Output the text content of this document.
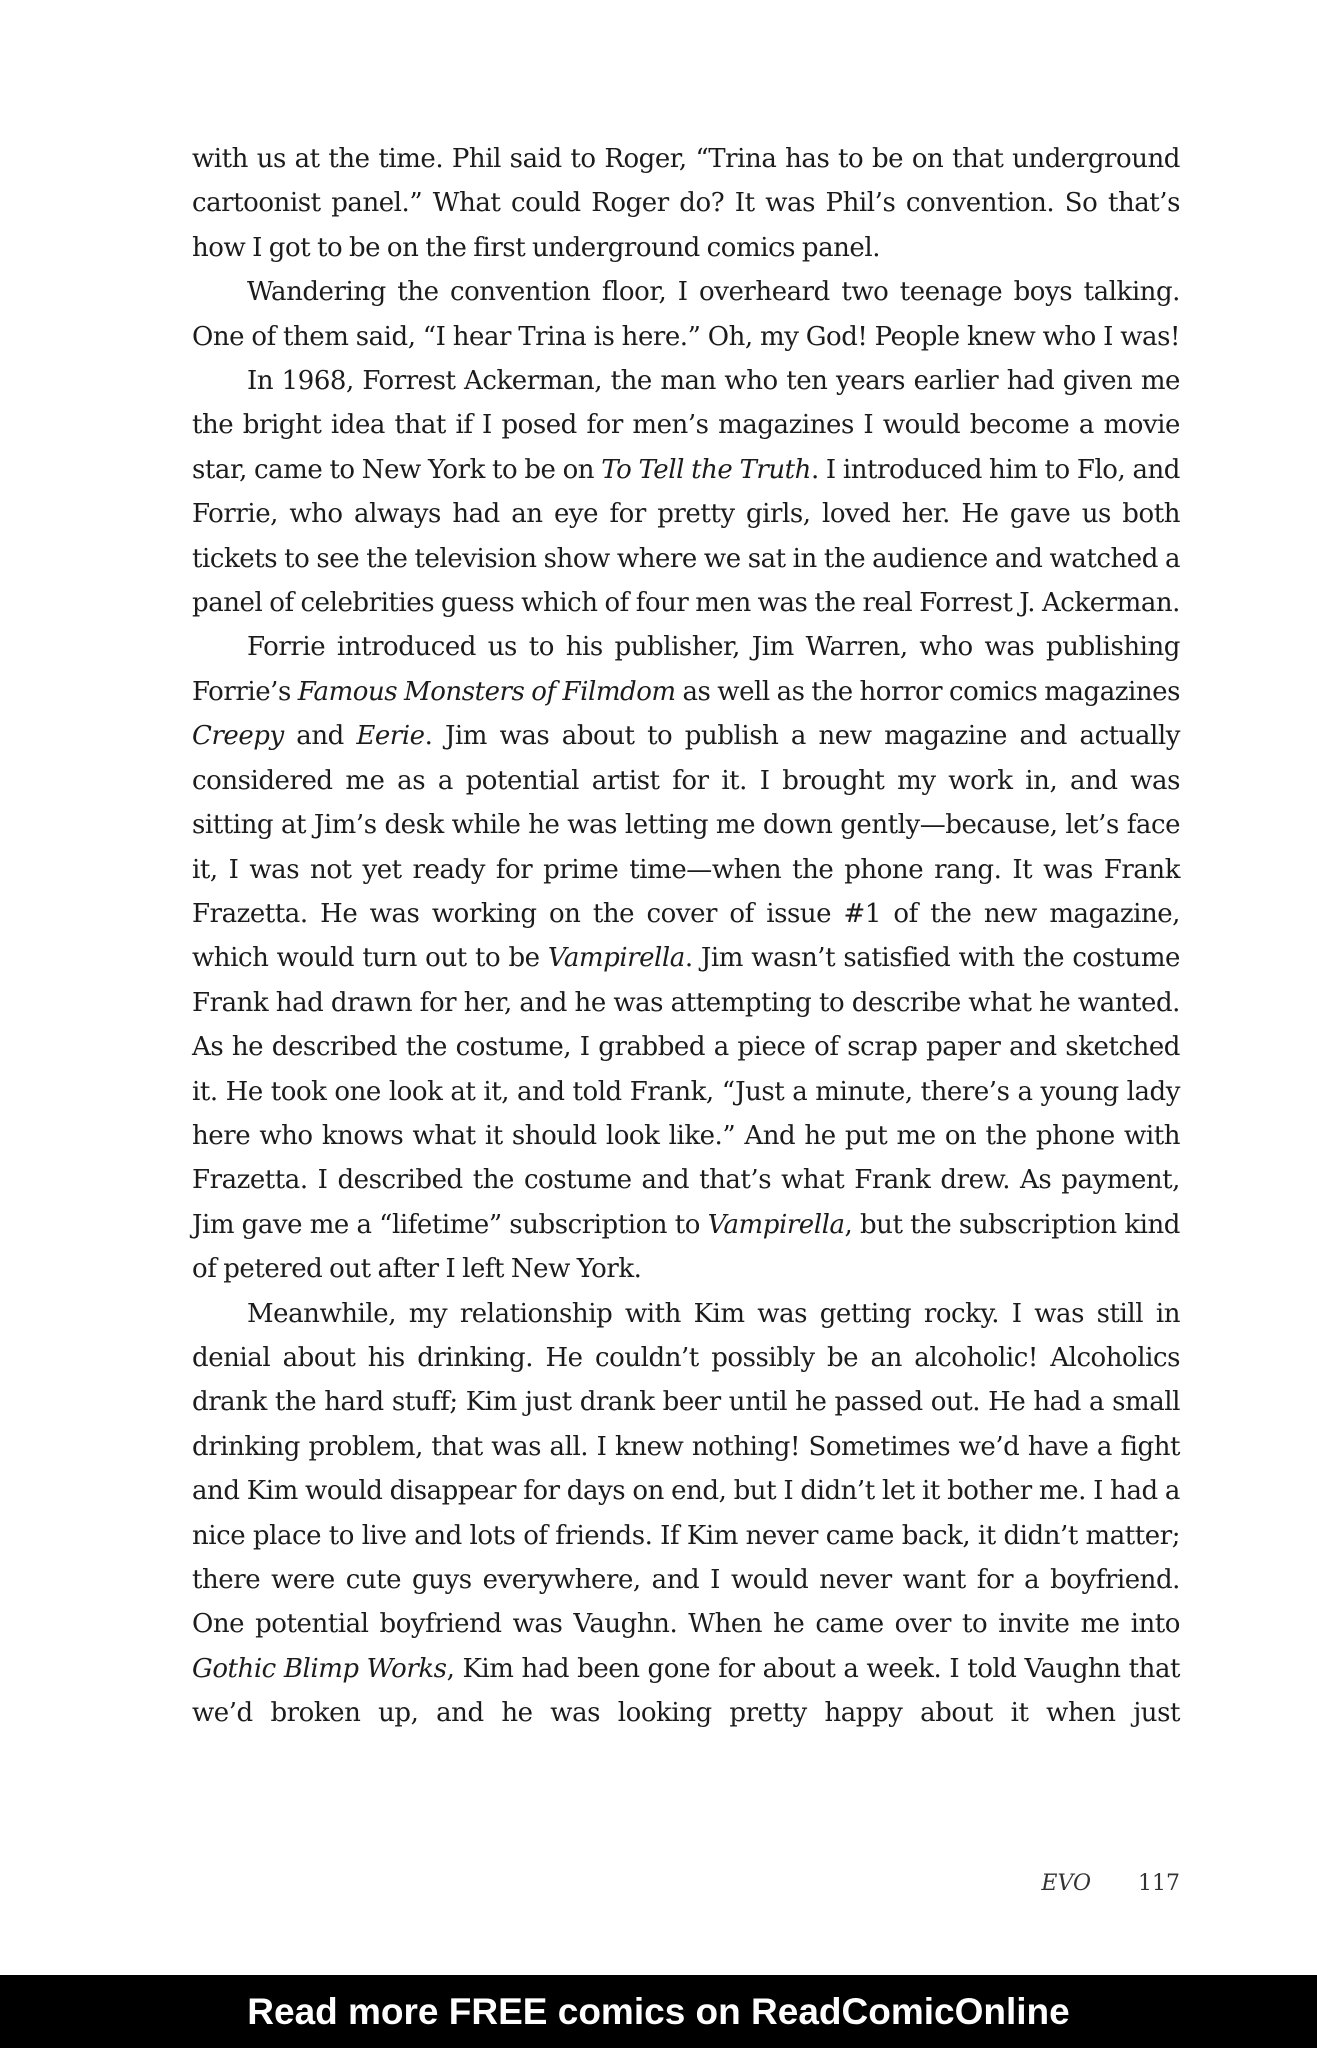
with us at the time. Phil said to Roger, “Trina has to be on that underground cartoonist panel.” What could Roger do? It was Phil’s convention. So that’s how I got to be on the first underground comics panel.

Wandering the convention floor, I overheard two teenage boys talking. One of them said, “I hear Trina is here.” Oh, my God! People knew who I was!

In 1968, Forrest Ackerman, the man who ten years earlier had given me the bright idea that if I posed for men’s magazines I would become a movie star, came to New York to be on To Tell the Truth. I introduced him to Flo, and Forrie, who always had an eye for pretty girls, loved her. He gave us both tickets to see the television show where we sat in the audience and watched a panel of celebrities guess which of four men was the real Forrest J. Ackerman.

Forrie introduced us to his publisher, Jim Warren, who was publishing Forrie’s Famous Monsters of Filmdom as well as the horror comics magazines Creepy and Eerie. Jim was about to publish a new magazine and actually considered me as a potential artist for it. I brought my work in, and was sitting at Jim’s desk while he was letting me down gently—because, let’s face it, I was not yet ready for prime time—when the phone rang. It was Frank Frazetta. He was working on the cover of issue #1 of the new magazine, which would turn out to be Vampirella. Jim wasn’t satisfied with the costume Frank had drawn for her, and he was attempting to describe what he wanted. As he described the costume, I grabbed a piece of scrap paper and sketched it. He took one look at it, and told Frank, “Just a minute, there’s a young lady here who knows what it should look like.” And he put me on the phone with Frazetta. I described the costume and that’s what Frank drew. As payment, Jim gave me a “lifetime” subscription to Vampirella, but the subscription kind of petered out after I left New York.

Meanwhile, my relationship with Kim was getting rocky. I was still in denial about his drinking. He couldn’t possibly be an alcoholic! Alcoholics drank the hard stuff; Kim just drank beer until he passed out. He had a small drinking problem, that was all. I knew nothing! Sometimes we’d have a fight and Kim would disappear for days on end, but I didn’t let it bother me. I had a nice place to live and lots of friends. If Kim never came back, it didn’t matter; there were cute guys everywhere, and I would never want for a boyfriend. One potential boyfriend was Vaughn. When he came over to invite me into Gothic Blimp Works, Kim had been gone for about a week. I told Vaughn that we’d broken up, and he was looking pretty happy about it when just

EVO 117
Read more FREE comics on ReadComicOnline
